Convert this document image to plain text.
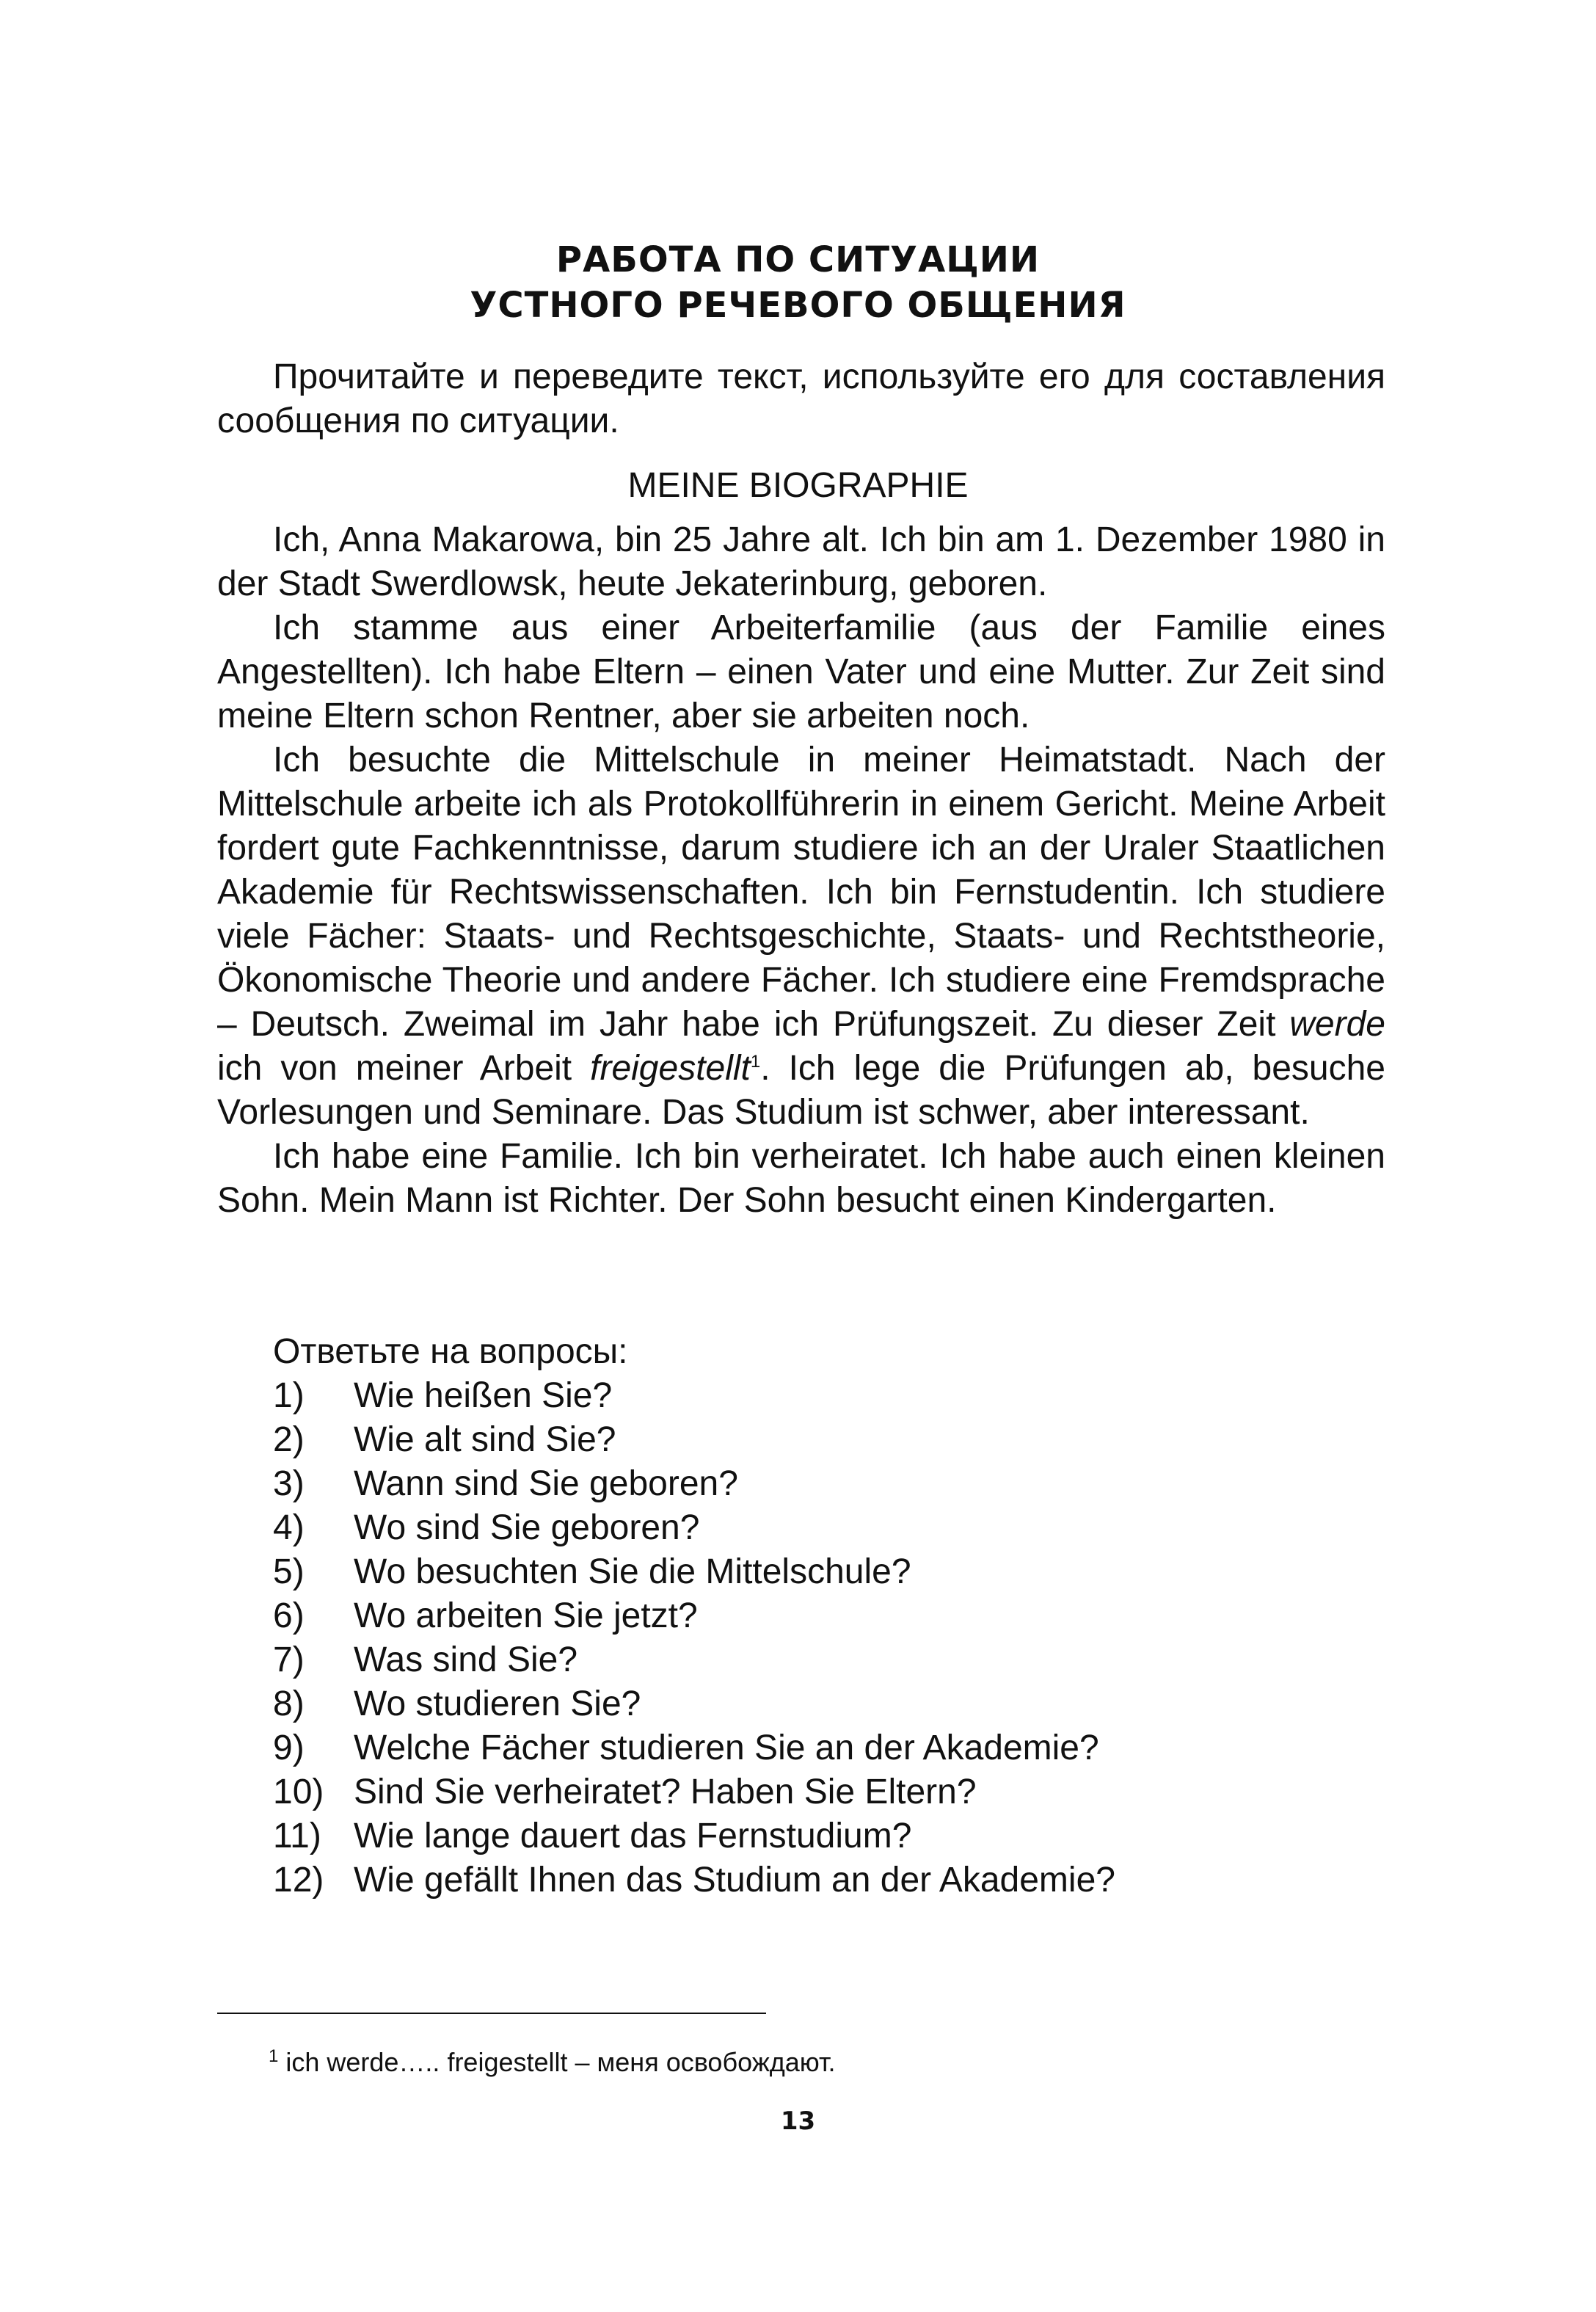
РАБОТА ПО СИТУАЦИИ
УСТНОГО РЕЧЕВОГО ОБЩЕНИЯ

Прочитайте и переведите текст, используйте его для составления сообщения по ситуации.

MEINE BIOGRAPHIE

Ich, Anna Makarowa, bin 25 Jahre alt. Ich bin am 1. Dezember 1980 in der Stadt Swerdlowsk, heute Jekaterinburg, geboren.

Ich stamme aus einer Arbeiterfamilie (aus der Familie eines Angestellten). Ich habe Eltern – einen Vater und eine Mutter. Zur Zeit sind meine Eltern schon Rentner, aber sie arbeiten noch.

Ich besuchte die Mittelschule in meiner Heimatstadt. Nach der Mittelschule arbeite ich als Protokollführerin in einem Gericht. Meine Arbeit fordert gute Fachkenntnisse, darum studiere ich an der Uraler Staatlichen Akademie für Rechtswissenschaften. Ich bin Fernstudentin. Ich studiere viele Fächer: Staats- und Rechtsgeschichte, Staats- und Rechtstheorie, Ökonomische Theorie und andere Fächer. Ich studiere eine Fremdsprache – Deutsch. Zweimal im Jahr habe ich Prüfungszeit. Zu dieser Zeit werde ich von meiner Arbeit freigestellt$^1$. Ich lege die Prüfungen ab, besuche Vorlesungen und Seminare. Das Studium ist schwer, aber interessant.

Ich habe eine Familie. Ich bin verheiratet. Ich habe auch einen kleinen Sohn. Mein Mann ist Richter. Der Sohn besucht einen Kindergarten.

Ответьте на вопросы:
1)	Wie heißen Sie?
2)	Wie alt sind Sie?
3)	Wann sind Sie geboren?
4)	Wo sind Sie geboren?
5)	Wo besuchten Sie die Mittelschule?
6)	Wo arbeiten Sie jetzt?
7)	Was sind Sie?
8)	Wo studieren Sie?
9)	Welche Fächer studieren Sie an der Akademie?
10) Sind Sie verheiratet? Haben Sie Eltern?
11) Wie lange dauert das Fernstudium?
12) Wie gefällt Ihnen das Studium an der Akademie?
$^1$ ich werde….. freigestellt – меня освобождают.
13
